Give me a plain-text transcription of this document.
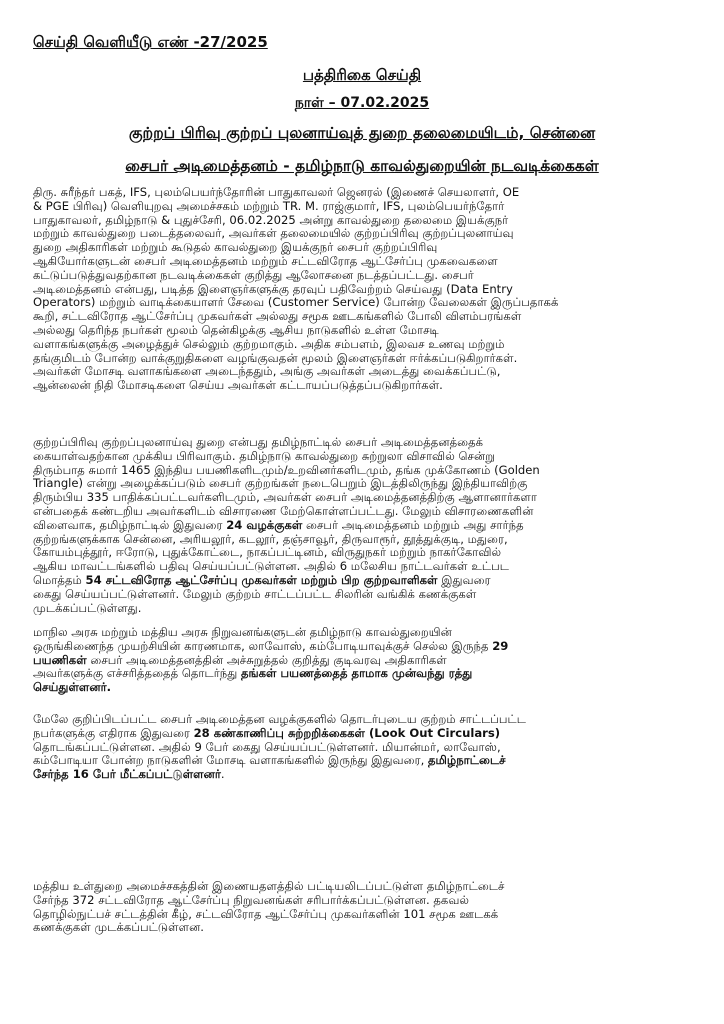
செய்தி வெளியீடு எண் -27/2025
பத்திரிகை செய்தி
நாள் – 07.02.2025
குற்றப் பிரிவு குற்றப் புலனாய்வுத் துறை தலைமையிடம், சென்னை
சைபர் அடிமைத்தனம் - தமிழ்நாடு காவல்துறையின் நடவடிக்கைகள்
திரு. சுரீந்தர் பகத், IFS, புலம்பெயர்ந்தோரின் பாதுகாவலர் ஜெனரல் (இணைச் செயலாளர், OE
& PGE பிரிவு) வெளியுறவு அமைச்சகம் மற்றும் TR. M. ராஜ்குமார், IFS, புலம்பெயர்ந்தோர்
பாதுகாவலர், தமிழ்நாடு & புதுச்சேரி, 06.02.2025 அன்று காவல்துறை தலைமை இயக்குநர்
மற்றும் காவல்துறை படைத்தலைவர், அவர்கள் தலைமையில் குற்றப்பிரிவு குற்றப்புலனாய்வு
துறை அதிகாரிகள் மற்றும் கூடுதல் காவல்துறை இயக்குநர் சைபர் குற்றப்பிரிவு
ஆகியோர்களுடன் சைபர் அடிமைத்தனம் மற்றும் சட்டவிரோத ஆட்சேர்ப்பு முகவைகளை
கட்டுப்படுத்துவதற்கான நடவடிக்கைகள் குறித்து ஆலோசனை நடத்தப்பட்டது. சைபர்
அடிமைத்தனம் என்பது, படித்த இளைஞர்களுக்கு தரவுப் பதிவேற்றம் செய்வது (Data Entry
Operators) மற்றும் வாடிக்கையாளர் சேவை (Customer Service) போன்ற வேலைகள் இருப்பதாகக்
கூறி, சட்டவிரோத ஆட்சேர்ப்பு முகவர்கள் அல்லது சமூக ஊடகங்களில் போலி விளம்பரங்கள்
அல்லது தெரிந்த நபர்கள் மூலம் தென்கிழக்கு ஆசிய நாடுகளில் உள்ள மோசடி
வளாகங்களுக்கு அழைத்துச் செல்லும் குற்றமாகும். அதிக சம்பளம், இலவச உணவு மற்றும்
தங்குமிடம் போன்ற வாக்குறுதிகளை வழங்குவதன் மூலம் இளைஞர்கள் ஈர்க்கப்படுகிறார்கள்.
அவர்கள் மோசடி வளாகங்களை அடைந்ததும், அங்கு அவர்கள் அடைத்து வைக்கப்பட்டு,
ஆன்லைன் நிதி மோசடிகளை செய்ய அவர்கள் கட்டாயப்படுத்தப்படுகிறார்கள்.
குற்றப்பிரிவு குற்றப்புலனாய்வு துறை என்பது தமிழ்நாட்டில் சைபர் அடிமைத்தனத்தைக்
கையாள்வதற்கான முக்கிய பிரிவாகும். தமிழ்நாடு காவல்துறை சுற்றுலா விசாவில் சென்று
திரும்பாத சுமார் 1465 இந்திய பயணிகளிடமும்/உறவினர்களிடமும், தங்க முக்கோணம் (Golden
Triangle) என்று அழைக்கப்படும் சைபர் குற்றங்கள் நடைபெறும் இடத்திலிருந்து இந்தியாவிற்கு
திரும்பிய 335 பாதிக்கப்பட்டவர்களிடமும், அவர்கள் சைபர் அடிமைத்தனத்திற்கு ஆளானார்களா
என்பதைக் கண்டறிய அவர்களிடம் விசாரணை மேற்கொள்ளப்பட்டது. மேலும் விசாரணைகளின்
விளைவாக, தமிழ்நாட்டில் இதுவரை 24 வழக்குகள் சைபர் அடிமைத்தனம் மற்றும் அது சார்ந்த
குற்றங்களுக்காக சென்னை, அரியலூர், கடலூர், தஞ்சாவூர், திருவாரூர், தூத்துக்குடி, மதுரை,
கோயம்புத்தூர், ஈரோடு, புதுக்கோட்டை, நாகப்பட்டினம், விருதுநகர் மற்றும் நாகர்கோவில்
ஆகிய மாவட்டங்களில் பதிவு செய்யப்பட்டுள்ளன. அதில் 6 மலேசிய நாட்டவர்கள் உட்பட
மொத்தம் 54 சட்டவிரோத ஆட்சேர்ப்பு முகவர்கள் மற்றும் பிற குற்றவாளிகள் இதுவரை
கைது செய்யப்பட்டுள்ளனர். மேலும் குற்றம் சாட்டப்பட்ட சிலரின் வங்கிக் கணக்குகள்
முடக்கப்பட்டுள்ளது.
மாநில அரசு மற்றும் மத்திய அரசு நிறுவனங்களுடன் தமிழ்நாடு காவல்துறையின்
ஒருங்கிணைந்த முயற்சியின் காரணமாக, லாவோஸ், கம்போடியாவுக்குச் செல்ல இருந்த 29
பயணிகள் சைபர் அடிமைத்தனத்தின் அச்சுறுத்தல் குறித்து குடிவரவு அதிகாரிகள்
அவர்களுக்கு எச்சரித்ததைத் தொடர்ந்து தங்கள் பயணத்தைத் தாமாக முன்வந்து ரத்து
செய்துள்ளனர்.
மேலே குறிப்பிடப்பட்ட சைபர் அடிமைத்தன வழக்குகளில் தொடர்புடைய குற்றம் சாட்டப்பட்ட
நபர்களுக்கு எதிராக இதுவரை 28 கண்காணிப்பு சுற்றறிக்கைகள் (Look Out Circulars)
தொடங்கப்பட்டுள்ளன. அதில் 9 பேர் கைது செய்யப்பட்டுள்ளனர். மியான்மர், லாவோஸ்,
கம்போடியா போன்ற நாடுகளின் மோசடி வளாகங்களில் இருந்து இதுவரை, தமிழ்நாட்டைச்
சேர்ந்த 16 பேர் மீட்கப்பட்டுள்ளனர்.
மத்திய உள்துறை அமைச்சகத்தின் இணையதளத்தில் பட்டியலிடப்பட்டுள்ள தமிழ்நாட்டைச்
சேர்ந்த 372 சட்டவிரோத ஆட்சேர்ப்பு நிறுவனங்கள் சரிபார்க்கப்பட்டுள்ளன. தகவல்
தொழில்நுட்பச் சட்டத்தின் கீழ், சட்டவிரோத ஆட்சேர்ப்பு முகவர்களின் 101 சமூக ஊடகக்
கணக்குகள் முடக்கப்பட்டுள்ளன.
